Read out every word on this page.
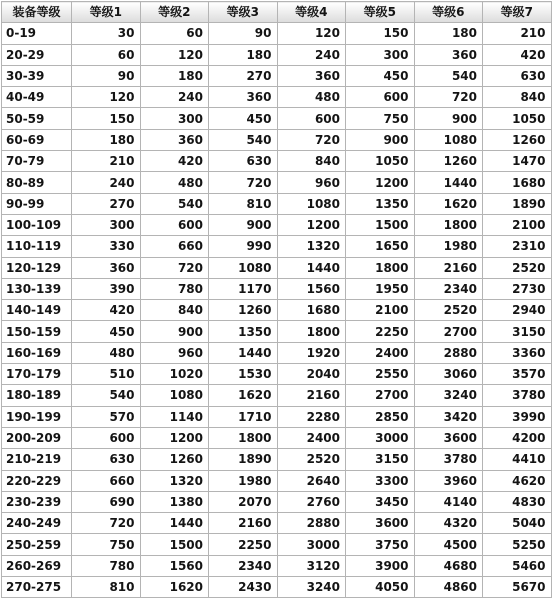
装备等级	等级1	等级2	等级3	等级4	等级5	等级6	等级7
0-19	30	60	90	120	150	180	210
20-29	60	120	180	240	300	360	420
30-39	90	180	270	360	450	540	630
40-49	120	240	360	480	600	720	840
50-59	150	300	450	600	750	900	1050
60-69	180	360	540	720	900	1080	1260
70-79	210	420	630	840	1050	1260	1470
80-89	240	480	720	960	1200	1440	1680
90-99	270	540	810	1080	1350	1620	1890
100-109	300	600	900	1200	1500	1800	2100
110-119	330	660	990	1320	1650	1980	2310
120-129	360	720	1080	1440	1800	2160	2520
130-139	390	780	1170	1560	1950	2340	2730
140-149	420	840	1260	1680	2100	2520	2940
150-159	450	900	1350	1800	2250	2700	3150
160-169	480	960	1440	1920	2400	2880	3360
170-179	510	1020	1530	2040	2550	3060	3570
180-189	540	1080	1620	2160	2700	3240	3780
190-199	570	1140	1710	2280	2850	3420	3990
200-209	600	1200	1800	2400	3000	3600	4200
210-219	630	1260	1890	2520	3150	3780	4410
220-229	660	1320	1980	2640	3300	3960	4620
230-239	690	1380	2070	2760	3450	4140	4830
240-249	720	1440	2160	2880	3600	4320	5040
250-259	750	1500	2250	3000	3750	4500	5250
260-269	780	1560	2340	3120	3900	4680	5460
270-275	810	1620	2430	3240	4050	4860	5670
